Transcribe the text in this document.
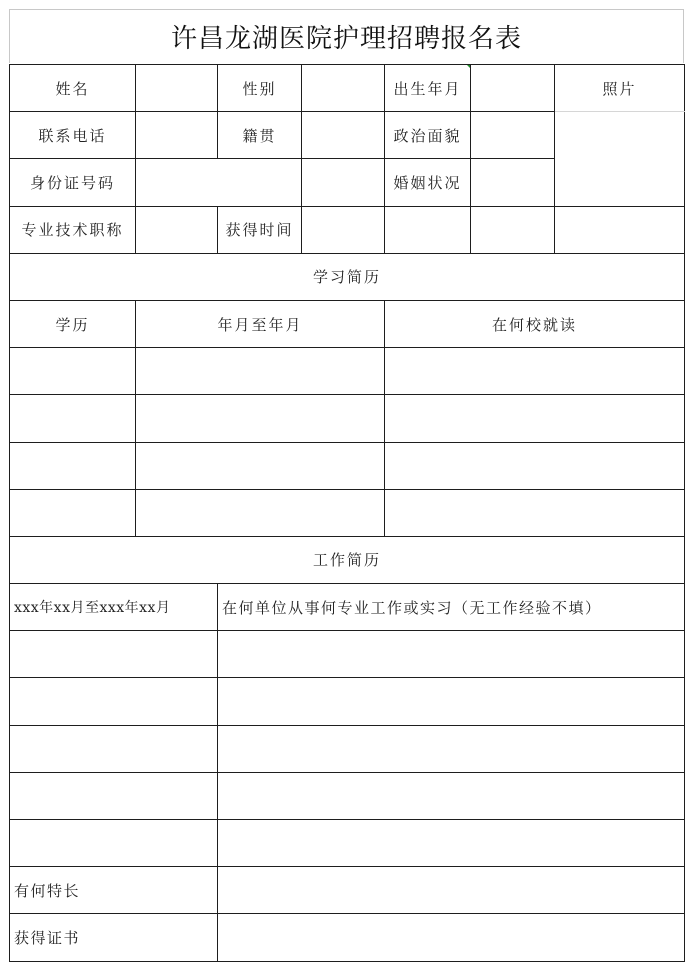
许昌龙湖医院护理招聘报名表
姓名		性别		出生年月		照片
联系电话		籍贯		政治面貌		
身份证号码				婚姻状况		
专业技术职称		获得时间				
学习简历						
学历	年月至年月			在何校就读		

工作简历						
xxx年xx月至xxx年xx月		在何单位从事何专业工作或实习（无工作经验不填）				

有何特长						
获得证书						
